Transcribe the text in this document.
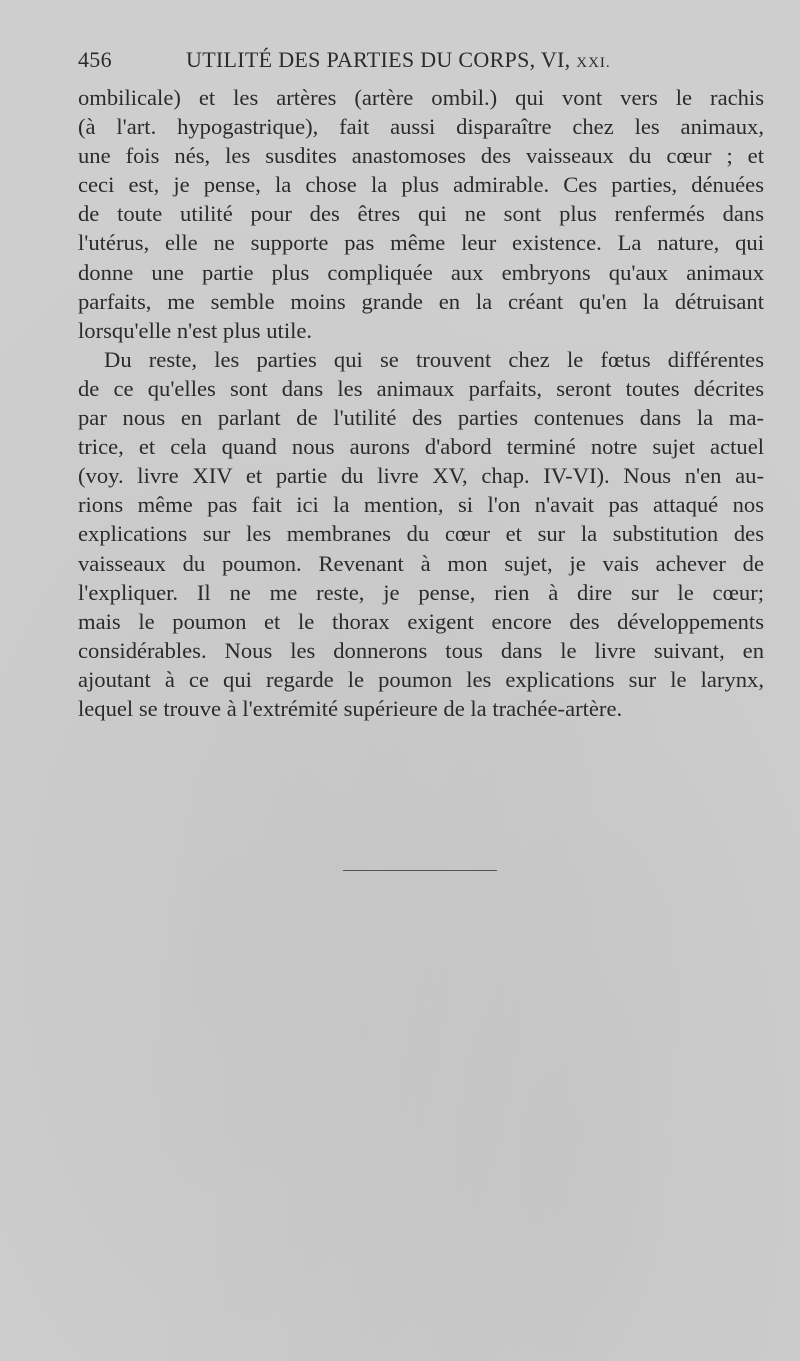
456	UTILITÉ DES PARTIES DU CORPS, VI, XXI.
ombilicale) et les artères (artère ombil.) qui vont vers le rachis
(à l'art. hypogastrique), fait aussi disparaître chez les animaux,
une fois nés, les susdites anastomoses des vaisseaux du cœur ; et
ceci est, je pense, la chose la plus admirable. Ces parties, dénuées
de toute utilité pour des êtres qui ne sont plus renfermés dans
l'utérus, elle ne supporte pas même leur existence. La nature, qui
donne une partie plus compliquée aux embryons qu'aux animaux
parfaits, me semble moins grande en la créant qu'en la détruisant
lorsqu'elle n'est plus utile.
Du reste, les parties qui se trouvent chez le fœtus différentes
de ce qu'elles sont dans les animaux parfaits, seront toutes décrites
par nous en parlant de l'utilité des parties contenues dans la ma-
trice, et cela quand nous aurons d'abord terminé notre sujet actuel
(voy. livre XIV et partie du livre XV, chap. IV-VI). Nous n'en au-
rions même pas fait ici la mention, si l'on n'avait pas attaqué nos
explications sur les membranes du cœur et sur la substitution des
vaisseaux du poumon. Revenant à mon sujet, je vais achever de
l'expliquer. Il ne me reste, je pense, rien à dire sur le cœur;
mais le poumon et le thorax exigent encore des développements
considérables. Nous les donnerons tous dans le livre suivant, en
ajoutant à ce qui regarde le poumon les explications sur le larynx,
lequel se trouve à l'extrémité supérieure de la trachée-artère.
